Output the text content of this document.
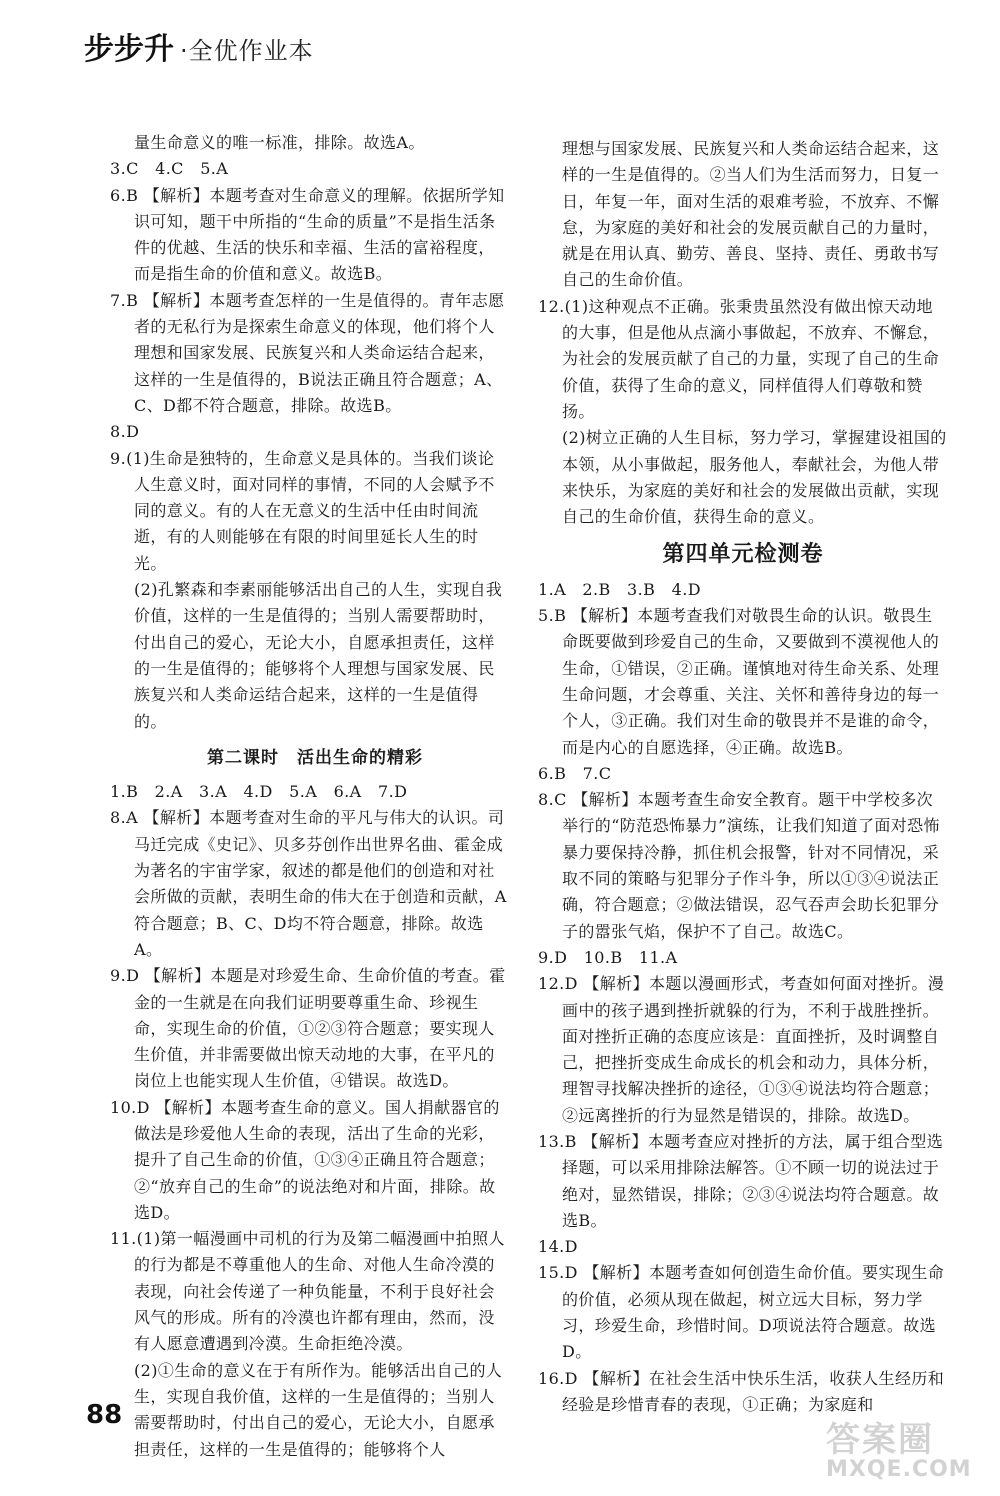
步步升 ·全优作业本

量生命意义的唯一标准，排除。故选A。

3.C　4.C　5.A

6.B 【解析】本题考查对生命意义的理解。依据所学知识可知，题干中所指的“生命的质量”不是指生活条件的优越、生活的快乐和幸福、生活的富裕程度，而是指生命的价值和意义。故选B。

7.B 【解析】本题考查怎样的一生是值得的。青年志愿者的无私行为是探索生命意义的体现，他们将个人理想和国家发展、民族复兴和人类命运结合起来，这样的一生是值得的，B说法正确且符合题意；A、C、D都不符合题意，排除。故选B。

8.D

9.(1)生命是独特的，生命意义是具体的。当我们谈论人生意义时，面对同样的事情，不同的人会赋予不同的意义。有的人在无意义的生活中任由时间流逝，有的人则能够在有限的时间里延长人生的时光。

(2)孔繁森和李素丽能够活出自己的人生，实现自我价值，这样的一生是值得的；当别人需要帮助时，付出自己的爱心，无论大小，自愿承担责任，这样的一生是值得的；能够将个人理想与国家发展、民族复兴和人类命运结合起来，这样的一生是值得的。

第二课时　活出生命的精彩

1.B　2.A　3.A　4.D　5.A　6.A　7.D

8.A 【解析】本题考查对生命的平凡与伟大的认识。司马迁完成《史记》、贝多芬创作出世界名曲、霍金成为著名的宇宙学家，叙述的都是他们的创造和对社会所做的贡献，表明生命的伟大在于创造和贡献，A符合题意；B、C、D均不符合题意，排除。故选A。

9.D 【解析】本题是对珍爱生命、生命价值的考查。霍金的一生就是在向我们证明要尊重生命、珍视生命，实现生命的价值，①②③符合题意；要实现人生价值，并非需要做出惊天动地的大事，在平凡的岗位上也能实现人生价值，④错误。故选D。

10.D 【解析】本题考查生命的意义。国人捐献器官的做法是珍爱他人生命的表现，活出了生命的光彩，提升了自己生命的价值，①③④正确且符合题意；②“放弃自己的生命”的说法绝对和片面，排除。故选D。

11.(1)第一幅漫画中司机的行为及第二幅漫画中拍照人的行为都是不尊重他人的生命、对他人生命冷漠的表现，向社会传递了一种负能量，不利于良好社会风气的形成。所有的冷漠也许都有理由，然而，没有人愿意遭遇到冷漠。生命拒绝冷漠。

(2)①生命的意义在于有所作为。能够活出自己的人生，实现自我价值，这样的一生是值得的；当别人需要帮助时，付出自己的爱心，无论大小，自愿承担责任，这样的一生是值得的；能够将个人

理想与国家发展、民族复兴和人类命运结合起来，这样的一生是值得的。②当人们为生活而努力，日复一日，年复一年，面对生活的艰难考验，不放弃、不懈怠，为家庭的美好和社会的发展贡献自己的力量时，就是在用认真、勤劳、善良、坚持、责任、勇敢书写自己的生命价值。

12.(1)这种观点不正确。张秉贵虽然没有做出惊天动地的大事，但是他从点滴小事做起，不放弃、不懈怠，为社会的发展贡献了自己的力量，实现了自己的生命价值，获得了生命的意义，同样值得人们尊敬和赞扬。

(2)树立正确的人生目标，努力学习，掌握建设祖国的本领，从小事做起，服务他人，奉献社会，为他人带来快乐，为家庭的美好和社会的发展做出贡献，实现自己的生命价值，获得生命的意义。

第四单元检测卷

1.A　2.B　3.B　4.D

5.B 【解析】本题考查我们对敬畏生命的认识。敬畏生命既要做到珍爱自己的生命，又要做到不漠视他人的生命，①错误，②正确。谨慎地对待生命关系、处理生命问题，才会尊重、关注、关怀和善待身边的每一个人，③正确。我们对生命的敬畏并不是谁的命令，而是内心的自愿选择，④正确。故选B。

6.B　7.C

8.C 【解析】本题考查生命安全教育。题干中学校多次举行的“防范恐怖暴力”演练，让我们知道了面对恐怖暴力要保持冷静，抓住机会报警，针对不同情况，采取不同的策略与犯罪分子作斗争，所以①③④说法正确，符合题意；②做法错误，忍气吞声会助长犯罪分子的嚣张气焰，保护不了自己。故选C。

9.D　10.B　11.A

12.D 【解析】本题以漫画形式，考查如何面对挫折。漫画中的孩子遇到挫折就躲的行为，不利于战胜挫折。面对挫折正确的态度应该是：直面挫折，及时调整自己，把挫折变成生命成长的机会和动力，具体分析，理智寻找解决挫折的途径，①③④说法均符合题意；②远离挫折的行为显然是错误的，排除。故选D。

13.B 【解析】本题考查应对挫折的方法，属于组合型选择题，可以采用排除法解答。①不顾一切的说法过于绝对，显然错误，排除；②③④说法均符合题意。故选B。

14.D

15.D 【解析】本题考查如何创造生命价值。要实现生命的价值，必须从现在做起，树立远大目标，努力学习，珍爱生命，珍惜时间。D项说法符合题意。故选D。

16.D 【解析】在社会生活中快乐生活，收获人生经历和经验是珍惜青春的表现，①正确；为家庭和

88
答案圈
MXQE.COM
